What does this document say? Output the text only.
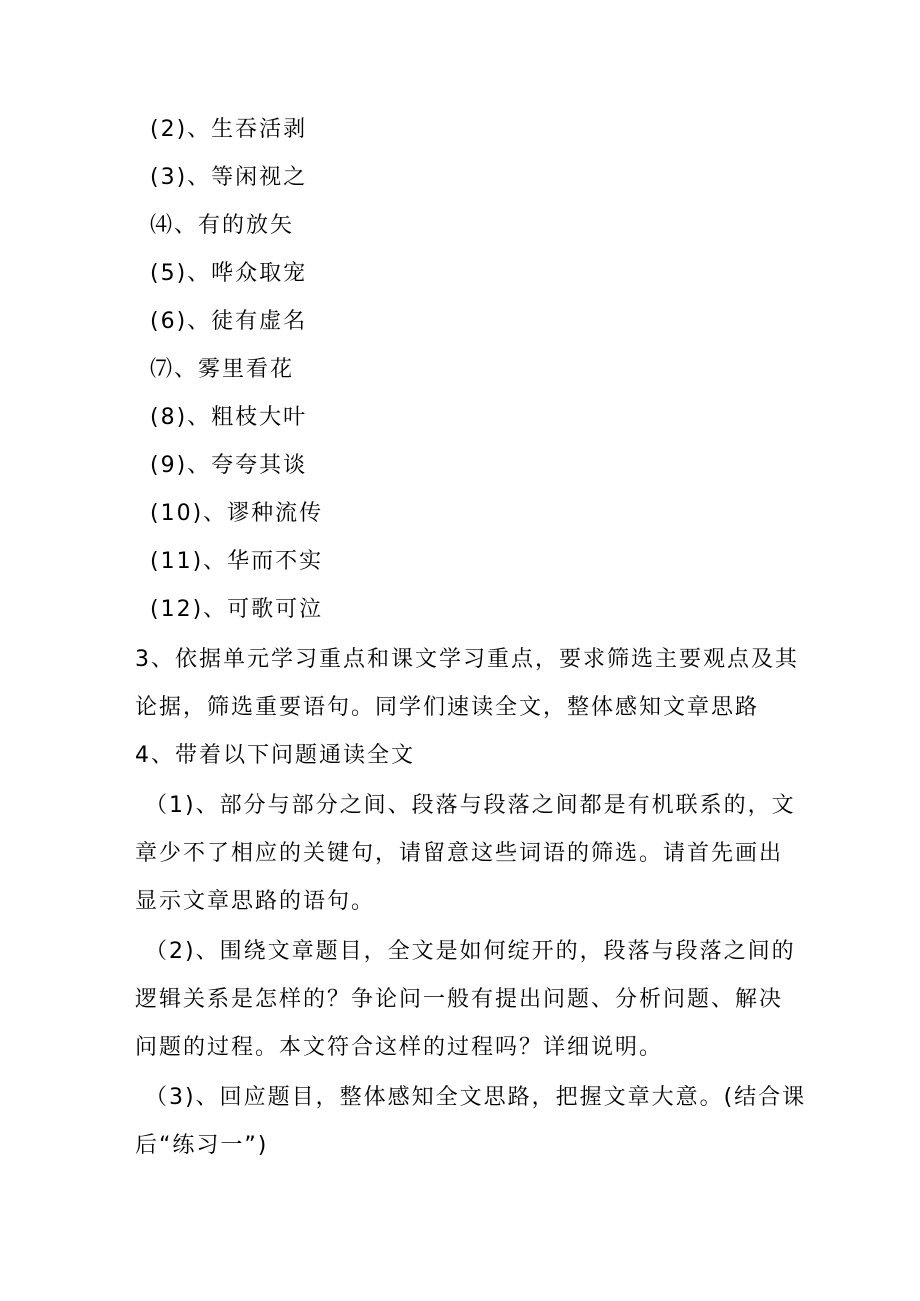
(2)、生吞活剥
(3)、等闲视之
⑷、有的放矢
(5)、哗众取宠
(6)、徒有虚名
⑺、雾里看花
(8)、粗枝大叶
(9)、夸夸其谈
(10)、谬种流传
(11)、华而不实
(12)、可歌可泣
3、依据单元学习重点和课文学习重点，要求筛选主要观点及其
论据，筛选重要语句。同学们速读全文，整体感知文章思路
4、带着以下问题通读全文
（1)、部分与部分之间、段落与段落之间都是有机联系的，文
章少不了相应的关键句，请留意这些词语的筛选。请首先画出
显示文章思路的语句。
（2)、围绕文章题目，全文是如何绽开的，段落与段落之间的
逻辑关系是怎样的？争论问一般有提出问题、分析问题、解决
问题的过程。本文符合这样的过程吗？详细说明。
（3)、回应题目，整体感知全文思路，把握文章大意。(结合课
后“练习一”)
